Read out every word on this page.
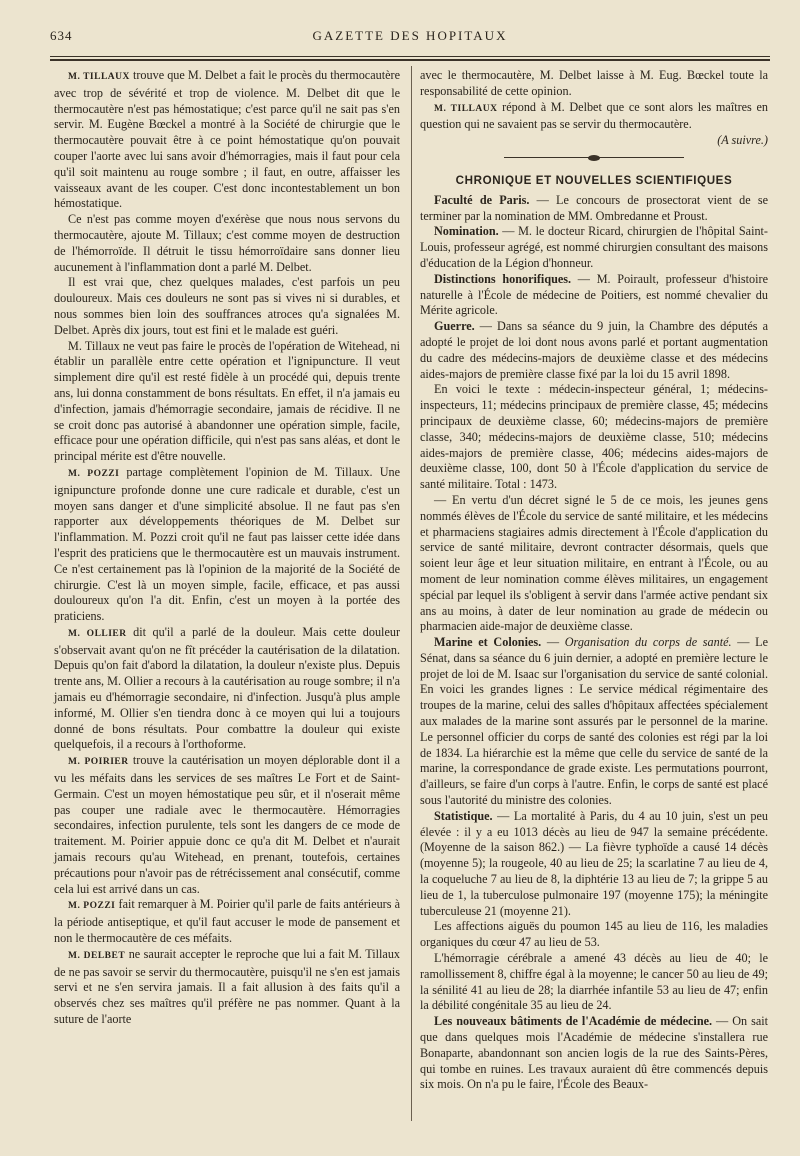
634	GAZETTE DES HOPITAUX

M. TILLAUX trouve que M. Delbet a fait le procès du thermocautère avec trop de sévérité et trop de violence. M. Delbet dit que le thermocautère n'est pas hémostatique; c'est parce qu'il ne sait pas s'en servir. M. Eugène Bœckel a montré à la Société de chirurgie que le thermocautère pouvait être à ce point hémostatique qu'on pouvait couper l'aorte avec lui sans avoir d'hémorragies, mais il faut pour cela qu'il soit maintenu au rouge sombre ; il faut, en outre, affaisser les vaisseaux avant de les couper. C'est donc incontestablement un bon hémostatique.

Ce n'est pas comme moyen d'exérèse que nous nous servons du thermocautère, ajoute M. Tillaux; c'est comme moyen de destruction de l'hémorroïde. Il détruit le tissu hémorroïdaire sans donner lieu aucunement à l'inflammation dont a parlé M. Delbet.

Il est vrai que, chez quelques malades, c'est parfois un peu douloureux. Mais ces douleurs ne sont pas si vives ni si durables, et nous sommes bien loin des souffrances atroces qu'a signalées M. Delbet. Après dix jours, tout est fini et le malade est guéri.

M. Tillaux ne veut pas faire le procès de l'opération de Witehead, ni établir un parallèle entre cette opération et l'ignipuncture. Il veut simplement dire qu'il est resté fidèle à un procédé qui, depuis trente ans, lui donna constamment de bons résultats. En effet, il n'a jamais eu d'infection, jamais d'hémorragie secondaire, jamais de récidive. Il ne se croit donc pas autorisé à abandonner une opération simple, facile, efficace pour une opération difficile, qui n'est pas sans aléas, et dont le principal mérite est d'être nouvelle.

M. POZZI partage complètement l'opinion de M. Tillaux. Une ignipuncture profonde donne une cure radicale et durable, c'est un moyen sans danger et d'une simplicité absolue. Il ne faut pas s'en rapporter aux développements théoriques de M. Delbet sur l'inflammation. M. Pozzi croit qu'il ne faut pas laisser cette idée dans l'esprit des praticiens que le thermocautère est un mauvais instrument. Ce n'est certainement pas là l'opinion de la majorité de la Société de chirurgie. C'est là un moyen simple, facile, efficace, et pas aussi douloureux qu'on l'a dit. Enfin, c'est un moyen à la portée des praticiens.

M. OLLIER dit qu'il a parlé de la douleur. Mais cette douleur s'observait avant qu'on ne fît précéder la cautérisation de la dilatation. Depuis qu'on fait d'abord la dilatation, la douleur n'existe plus. Depuis trente ans, M. Ollier a recours à la cautérisation au rouge sombre; il n'a jamais eu d'hémorragie secondaire, ni d'infection. Jusqu'à plus ample informé, M. Ollier s'en tiendra donc à ce moyen qui lui a toujours donné de bons résultats. Pour combattre la douleur qui existe quelquefois, il a recours à l'orthoforme.

M. POIRIER trouve la cautérisation un moyen déplorable dont il a vu les méfaits dans les services de ses maîtres Le Fort et de Saint-Germain. C'est un moyen hémostatique peu sûr, et il n'oserait même pas couper une radiale avec le thermocautère. Hémorragies secondaires, infection purulente, tels sont les dangers de ce mode de traitement. M. Poirier appuie donc ce qu'a dit M. Delbet et n'aurait jamais recours qu'au Witehead, en prenant, toutefois, certaines précautions pour n'avoir pas de rétrécissement anal consécutif, comme cela lui est arrivé dans un cas.

M. POZZI fait remarquer à M. Poirier qu'il parle de faits antérieurs à la période antiseptique, et qu'il faut accuser le mode de pansement et non le thermocautère de ces méfaits.

M. DELBET ne saurait accepter le reproche que lui a fait M. Tillaux de ne pas savoir se servir du thermocautère, puisqu'il ne s'en est jamais servi et ne s'en servira jamais. Il a fait allusion à des faits qu'il a observés chez ses maîtres qu'il préfère ne pas nommer. Quant à la suture de l'aorte

avec le thermocautère, M. Delbet laisse à M. Eug. Bœckel toute la responsabilité de cette opinion.

M. TILLAUX répond à M. Delbet que ce sont alors les maîtres en question qui ne savaient pas se servir du thermocautère.
(A suivre.)

CHRONIQUE ET NOUVELLES SCIENTIFIQUES

Faculté de Paris. — Le concours de prosectorat vient de se terminer par la nomination de MM. Ombredanne et Proust.

Nomination. — M. le docteur Ricard, chirurgien de l'hôpital Saint-Louis, professeur agrégé, est nommé chirurgien consultant des maisons d'éducation de la Légion d'honneur.

Distinctions honorifiques. — M. Poirault, professeur d'histoire naturelle à l'École de médecine de Poitiers, est nommé chevalier du Mérite agricole.

Guerre. — Dans sa séance du 9 juin, la Chambre des députés a adopté le projet de loi dont nous avons parlé et portant augmentation du cadre des médecins-majors de deuxième classe et des médecins aides-majors de première classe fixé par la loi du 15 avril 1898.

En voici le texte : médecin-inspecteur général, 1; médecins-inspecteurs, 11; médecins principaux de première classe, 45; médecins principaux de deuxième classe, 60; médecins-majors de première classe, 340; médecins-majors de deuxième classe, 510; médecins aides-majors de première classe, 406; médecins aides-majors de deuxième classe, 100, dont 50 à l'École d'application du service de santé militaire. Total : 1473.

— En vertu d'un décret signé le 5 de ce mois, les jeunes gens nommés élèves de l'École du service de santé militaire, et les médecins et pharmaciens stagiaires admis directement à l'École d'application du service de santé militaire, devront contracter désormais, quels que soient leur âge et leur situation militaire, en entrant à l'École, ou au moment de leur nomination comme élèves militaires, un engagement spécial par lequel ils s'obligent à servir dans l'armée active pendant six ans au moins, à dater de leur nomination au grade de médecin ou pharmacien aide-major de deuxième classe.

Marine et Colonies. — Organisation du corps de santé. — Le Sénat, dans sa séance du 6 juin dernier, a adopté en première lecture le projet de loi de M. Isaac sur l'organisation du service de santé colonial. En voici les grandes lignes : Le service médical régimentaire des troupes de la marine, celui des salles d'hôpitaux affectées spécialement aux malades de la marine sont assurés par le personnel de la marine. Le personnel officier du corps de santé des colonies est régi par la loi de 1834. La hiérarchie est la même que celle du service de santé de la marine, la correspondance de grade existe. Les permutations pourront, d'ailleurs, se faire d'un corps à l'autre. Enfin, le corps de santé est placé sous l'autorité du ministre des colonies.

Statistique. — La mortalité à Paris, du 4 au 10 juin, s'est un peu élevée : il y a eu 1013 décès au lieu de 947 la semaine précédente. (Moyenne de la saison 862.) — La fièvre typhoïde a causé 14 décès (moyenne 5); la rougeole, 40 au lieu de 25; la scarlatine 7 au lieu de 4, la coqueluche 7 au lieu de 8, la diphtérie 13 au lieu de 7; la grippe 5 au lieu de 1, la tuberculose pulmonaire 197 (moyenne 175); la méningite tuberculeuse 21 (moyenne 21).

Les affections aiguës du poumon 145 au lieu de 116, les maladies organiques du cœur 47 au lieu de 53.

L'hémorragie cérébrale a amené 43 décès au lieu de 40; le ramollissement 8, chiffre égal à la moyenne; le cancer 50 au lieu de 49; la sénilité 41 au lieu de 28; la diarrhée infantile 53 au lieu de 47; enfin la débilité congénitale 35 au lieu de 24.

Les nouveaux bâtiments de l'Académie de médecine. — On sait que dans quelques mois l'Académie de médecine s'installera rue Bonaparte, abandonnant son ancien logis de la rue des Saints-Pères, qui tombe en ruines. Les travaux auraient dû être commencés depuis six mois. On n'a pu le faire, l'École des Beaux-
